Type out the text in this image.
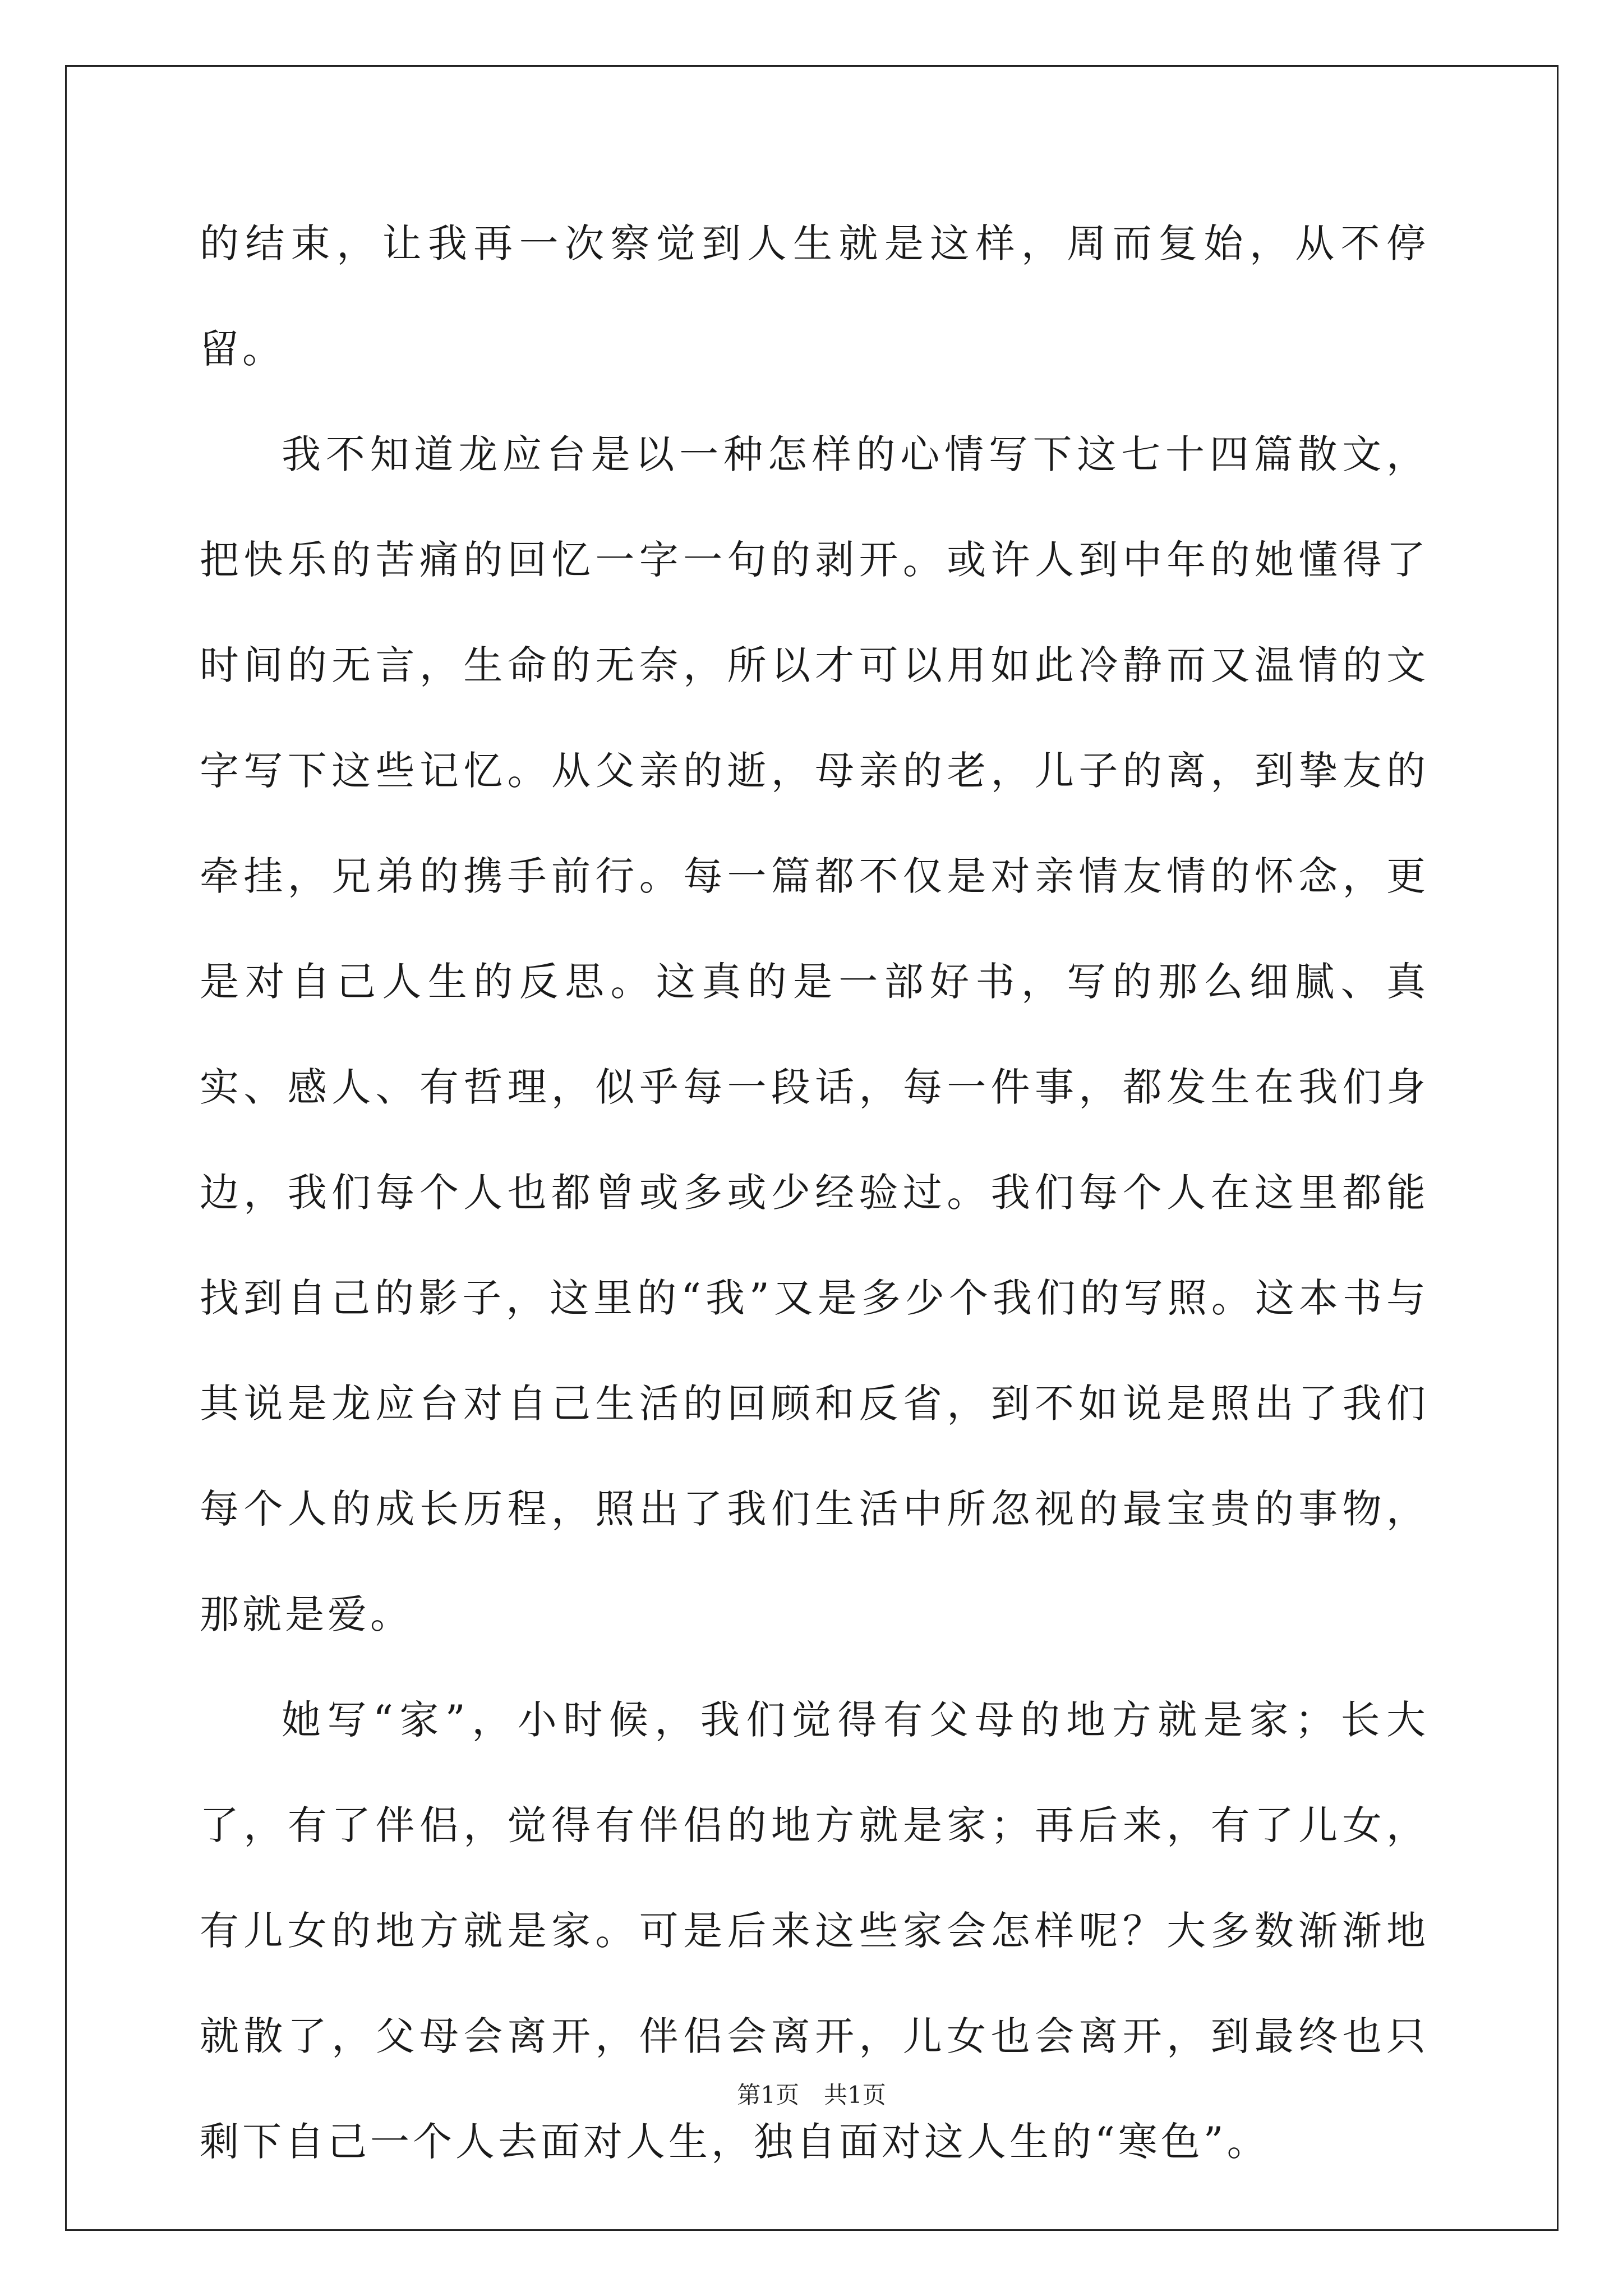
的结束，让我再一次察觉到人生就是这样，周而复始，从不停留。

我不知道龙应台是以一种怎样的心情写下这七十四篇散文，把快乐的苦痛的回忆一字一句的剥开。或许人到中年的她懂得了时间的无言，生命的无奈，所以才可以用如此冷静而又温情的文字写下这些记忆。从父亲的逝，母亲的老，儿子的离，到挚友的牵挂，兄弟的携手前行。每一篇都不仅是对亲情友情的怀念，更是对自己人生的反思。这真的是一部好书，写的那么细腻、真实、感人、有哲理，似乎每一段话，每一件事，都发生在我们身边，我们每个人也都曾或多或少经验过。我们每个人在这里都能找到自己的影子，这里的“我”又是多少个我们的写照。这本书与其说是龙应台对自己生活的回顾和反省，到不如说是照出了我们每个人的成长历程，照出了我们生活中所忽视的最宝贵的事物，那就是爱。

她写“家”，小时候，我们觉得有父母的地方就是家；长大了，有了伴侣，觉得有伴侣的地方就是家；再后来，有了儿女，有儿女的地方就是家。可是后来这些家会怎样呢？大多数渐渐地就散了，父母会离开，伴侣会离开，儿女也会离开，到最终也只剩下自己一个人去面对人生，独自面对这人生的“寒色”。

第1页 共1页
